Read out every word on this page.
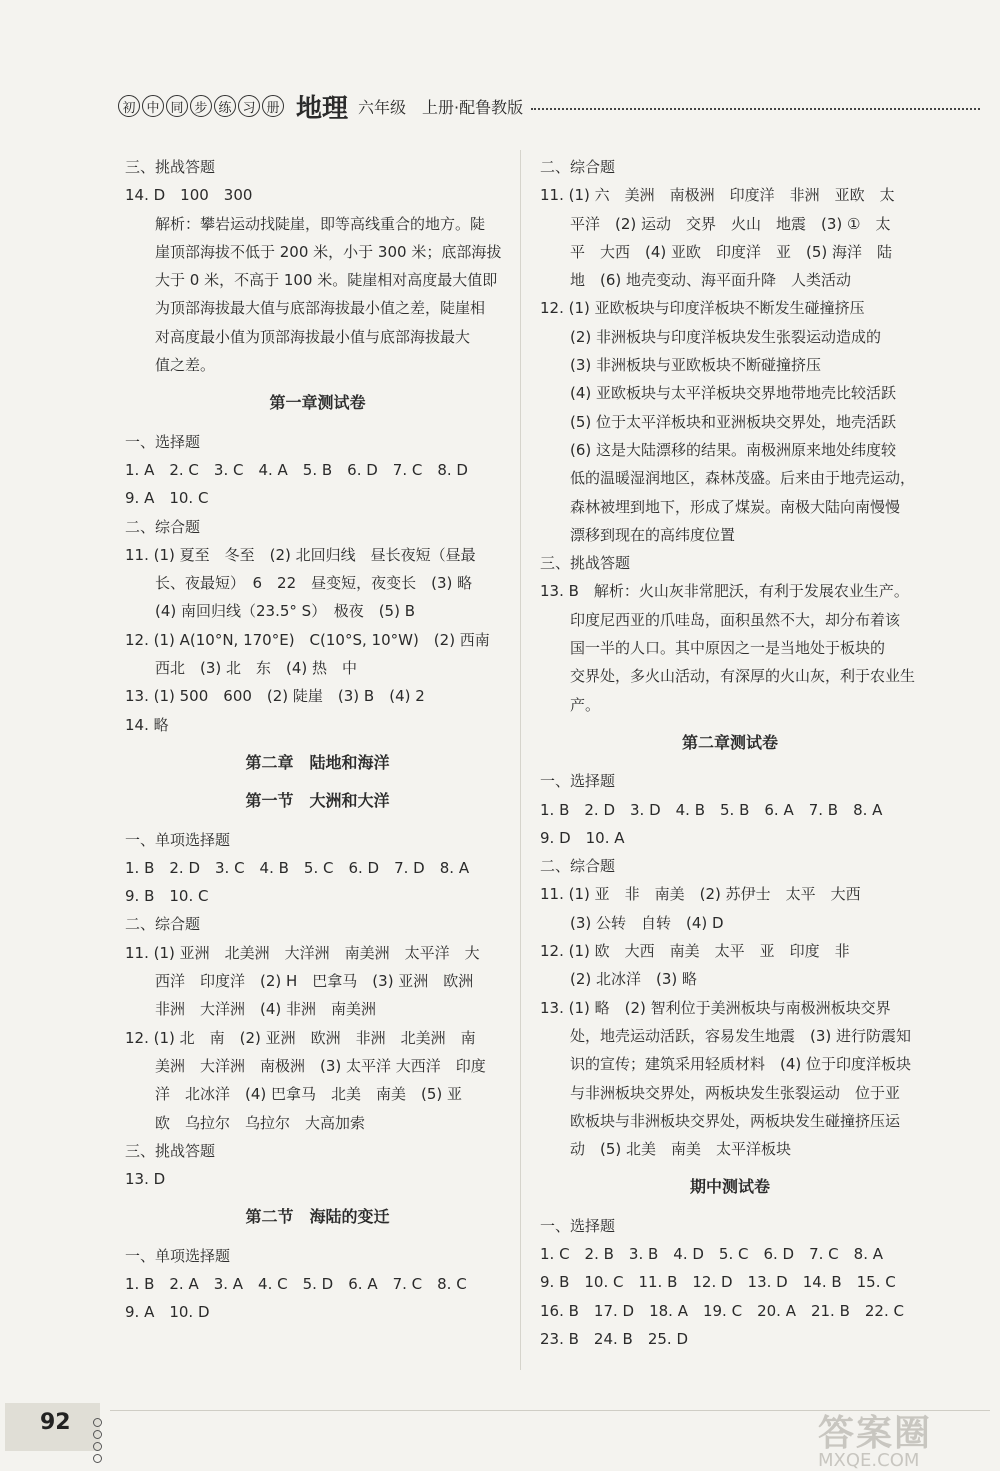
初 中 同 步 练 习 册 地理 六年级 上册·配鲁教版
三、挑战答题
14. D　100　300
解析：攀岩运动找陡崖，即等高线重合的地方。陡
崖顶部海拔不低于 200 米，小于 300 米；底部海拔
大于 0 米，不高于 100 米。陡崖相对高度最大值即
为顶部海拔最大值与底部海拔最小值之差，陡崖相
对高度最小值为顶部海拔最小值与底部海拔最大
值之差。
第一章测试卷
一、选择题
1. A　2. C　3. C　4. A　5. B　6. D　7. C　8. D
9. A　10. C
二、综合题
11. (1) 夏至　冬至　(2) 北回归线　昼长夜短（昼最
长、夜最短）　6　22　昼变短，夜变长　(3) 略
(4) 南回归线（23.5° S）　极夜　(5) B
12. (1) A(10°N, 170°E)　C(10°S, 10°W)　(2) 西南
西北　(3) 北　东　(4) 热　中
13. (1) 500　600　(2) 陡崖　(3) B　(4) 2
14. 略
第二章　陆地和海洋
第一节　大洲和大洋
一、单项选择题
1. B　2. D　3. C　4. B　5. C　6. D　7. D　8. A
9. B　10. C
二、综合题
11. (1) 亚洲　北美洲　大洋洲　南美洲　太平洋　大
西洋　印度洋　(2) H　巴拿马　(3) 亚洲　欧洲
非洲　大洋洲　(4) 非洲　南美洲
12. (1) 北　南　(2) 亚洲　欧洲　非洲　北美洲　南
美洲　大洋洲　南极洲　(3) 太平洋 大西洋　印度
洋　北冰洋　(4) 巴拿马　北美　南美　(5) 亚
欧　乌拉尔　乌拉尔　大高加索
三、挑战答题
13. D
第二节　海陆的变迁
一、单项选择题
1. B　2. A　3. A　4. C　5. D　6. A　7. C　8. C
9. A　10. D
二、综合题
11. (1) 六　美洲　南极洲　印度洋　非洲　亚欧　太
平洋　(2) 运动　交界　火山　地震　(3) ①　太
平　大西　(4) 亚欧　印度洋　亚　(5) 海洋　陆
地　(6) 地壳变动、海平面升降　人类活动
12. (1) 亚欧板块与印度洋板块不断发生碰撞挤压
(2) 非洲板块与印度洋板块发生张裂运动造成的
(3) 非洲板块与亚欧板块不断碰撞挤压
(4) 亚欧板块与太平洋板块交界地带地壳比较活跃
(5) 位于太平洋板块和亚洲板块交界处，地壳活跃
(6) 这是大陆漂移的结果。南极洲原来地处纬度较
低的温暖湿润地区，森林茂盛。后来由于地壳运动，
森林被埋到地下，形成了煤炭。南极大陆向南慢慢
漂移到现在的高纬度位置
三、挑战答题
13. B　解析：火山灰非常肥沃，有利于发展农业生产。
印度尼西亚的爪哇岛，面积虽然不大，却分布着该
国一半的人口。其中原因之一是当地处于板块的
交界处，多火山活动，有深厚的火山灰，利于农业生
产。
第二章测试卷
一、选择题
1. B　2. D　3. D　4. B　5. B　6. A　7. B　8. A
9. D　10. A
二、综合题
11. (1) 亚　非　南美　(2) 苏伊士　太平　大西
(3) 公转　自转　(4) D
12. (1) 欧　大西　南美　太平　亚　印度　非
(2) 北冰洋　(3) 略
13. (1) 略　(2) 智利位于美洲板块与南极洲板块交界
处，地壳运动活跃，容易发生地震　(3) 进行防震知
识的宣传；建筑采用轻质材料　(4) 位于印度洋板块
与非洲板块交界处，两板块发生张裂运动　位于亚
欧板块与非洲板块交界处，两板块发生碰撞挤压运
动　(5) 北美　南美　太平洋板块
期中测试卷
一、选择题
1. C　2. B　3. B　4. D　5. C　6. D　7. C　8. A
9. B　10. C　11. B　12. D　13. D　14. B　15. C
16. B　17. D　18. A　19. C　20. A　21. B　22. C
23. B　24. B　25. D
92	答案圈
MXQE.COM
